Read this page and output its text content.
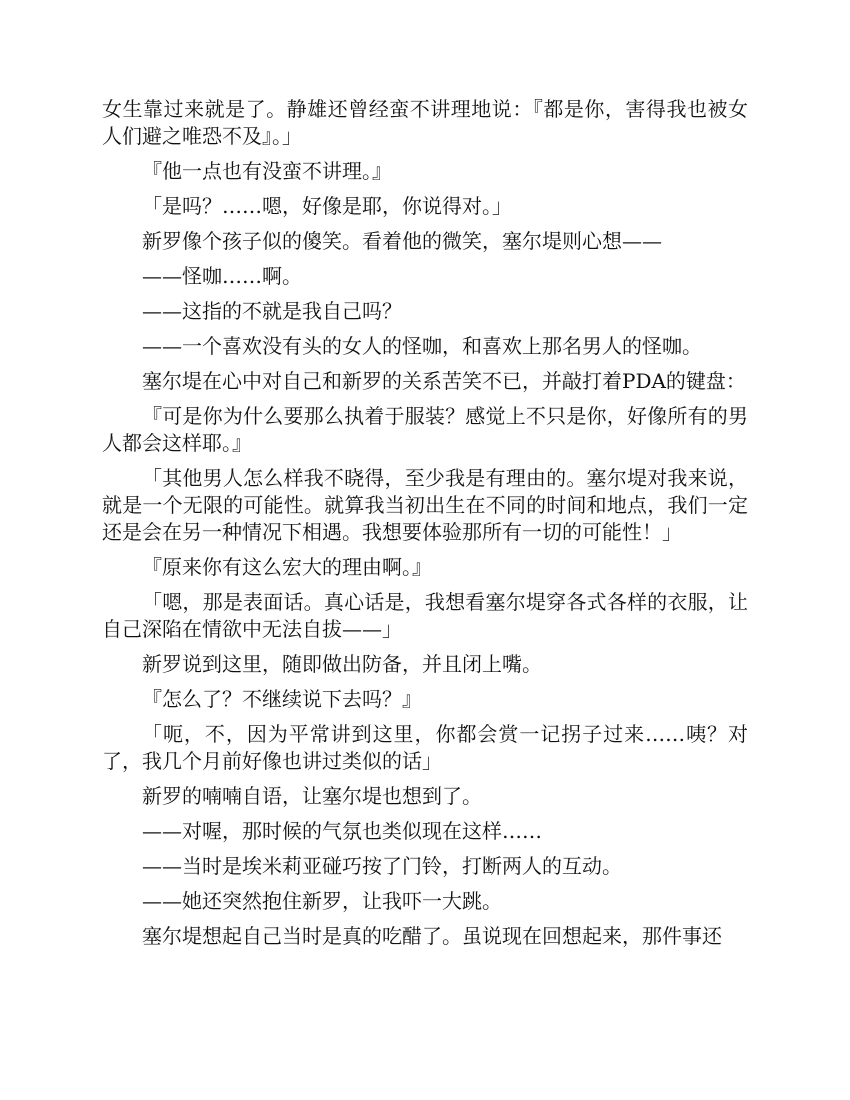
女生靠过来就是了。静雄还曾经蛮不讲理地说：『都是你，害得我也被女人们避之唯恐不及』。」

『他一点也有没蛮不讲理。』

「是吗？……嗯，好像是耶，你说得对。」

新罗像个孩子似的傻笑。看着他的微笑，塞尔堤则心想——

——怪咖……啊。

——这指的不就是我自己吗？

——一个喜欢没有头的女人的怪咖，和喜欢上那名男人的怪咖。

塞尔堤在心中对自己和新罗的关系苦笑不已，并敲打着PDA的键盘：

『可是你为什么要那么执着于服装？感觉上不只是你，好像所有的男人都会这样耶。』

「其他男人怎么样我不晓得，至少我是有理由的。塞尔堤对我来说，就是一个无限的可能性。就算我当初出生在不同的时间和地点，我们一定还是会在另一种情况下相遇。我想要体验那所有一切的可能性！」

『原来你有这么宏大的理由啊。』

「嗯，那是表面话。真心话是，我想看塞尔堤穿各式各样的衣服，让自己深陷在情欲中无法自拔——」

新罗说到这里，随即做出防备，并且闭上嘴。

『怎么了？不继续说下去吗？』

「呃，不，因为平常讲到这里，你都会赏一记拐子过来……咦？对了，我几个月前好像也讲过类似的话」

新罗的喃喃自语，让塞尔堤也想到了。

——对喔，那时候的气氛也类似现在这样……

——当时是埃米莉亚碰巧按了门铃，打断两人的互动。

——她还突然抱住新罗，让我吓一大跳。

塞尔堤想起自己当时是真的吃醋了。虽说现在回想起来，那件事还
